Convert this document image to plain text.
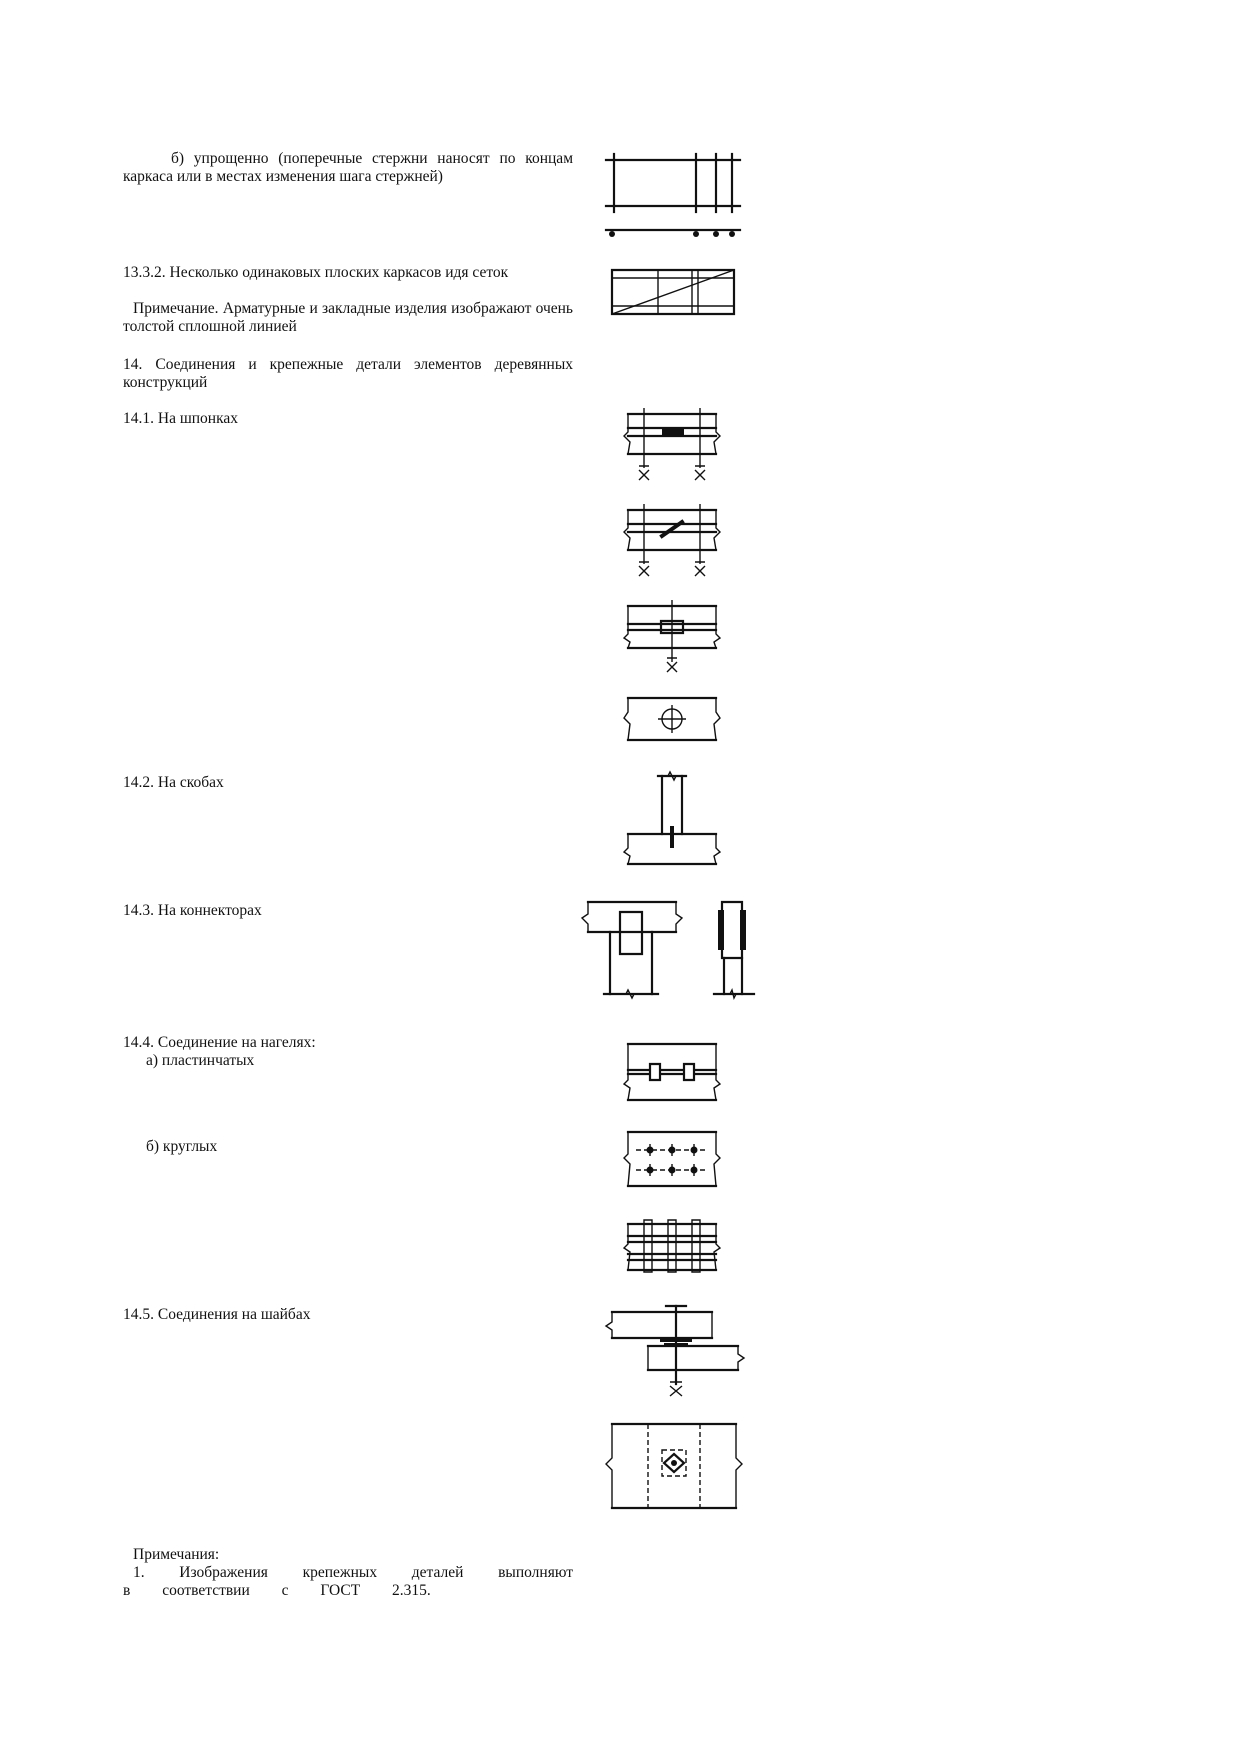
б) упрощенно (поперечные стержни наносят по концам каркаса или в местах изменения шага стержней)
13.3.2. Несколько одинаковых плоских каркасов идя сеток
Примечание. Арматурные и закладные изделия изображают очень толстой сплошной линией
14. Соединения и крепежные детали элементов деревянных конструкций
14.1. На шпонках
14.2. На скобах
14.3. На коннекторах
14.4. Соединение на нагелях:
а) пластинчатых
б) круглых
14.5. Соединения на шайбах
Примечания:
1. Изображения крепежных деталей выполняют в соответствии с ГОСТ 2.315.
